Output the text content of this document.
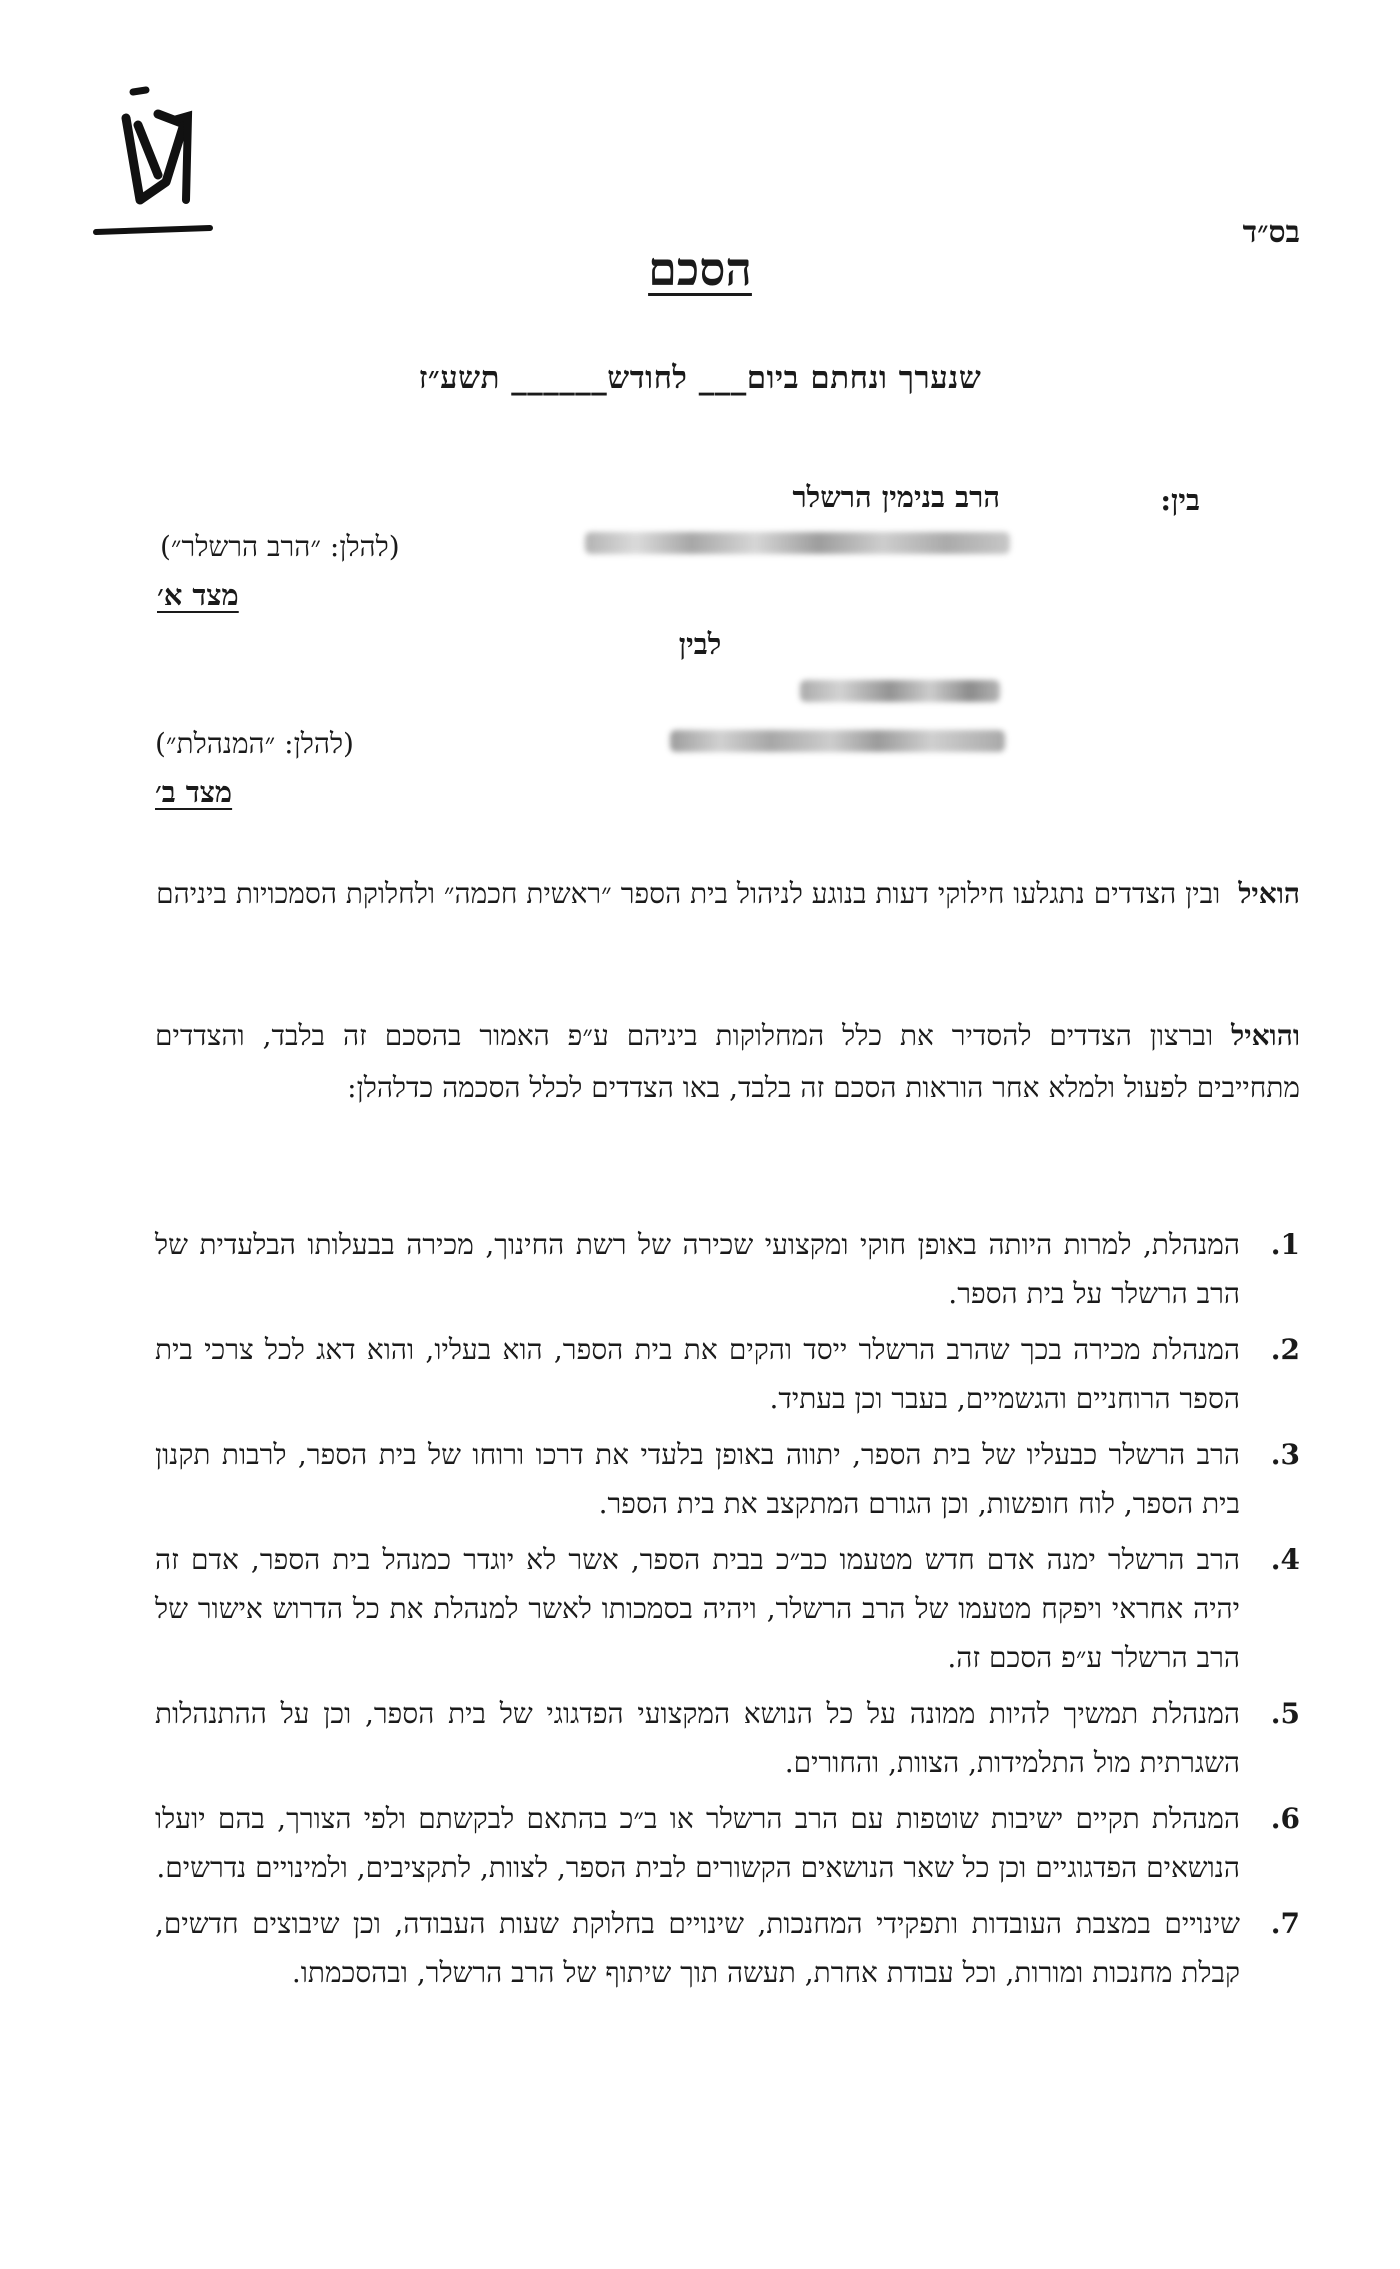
בס״ד
הסכם
שנערך ונחתם ביום___ לחודש______ תשע״ז
בין:
הרב בנימין הרשלר
(להלן: ״הרב הרשלר״)
מצד א׳
לבין
(להלן: ״המנהלת״)
מצד ב׳
הואילובין הצדדים נתגלעו חילוקי דעות בנוגע לניהול בית הספר ״ראשית חכמה״ ולחלוקת הסמכויות ביניהם
והואילוברצון הצדדים להסדיר את כלל המחלוקות ביניהם ע״פ האמור בהסכם זה בלבד, והצדדים מתחייבים לפעול ולמלא אחר הוראות הסכם זה בלבד, באו הצדדים לכלל הסכמה כדלהלן:
1.
המנהלת, למרות היותה באופן חוקי ומקצועי שכירה של רשת החינוך, מכירה בבעלותו הבלעדית של הרב הרשלר על בית הספר.
2.
המנהלת מכירה בכך שהרב הרשלר ייסד והקים את בית הספר, הוא בעליו, והוא דאג לכל צרכי בית הספר הרוחניים והגשמיים, בעבר וכן בעתיד.
3.
הרב הרשלר כבעליו של בית הספר, יתווה באופן בלעדי את דרכו ורוחו של בית הספר, לרבות תקנון בית הספר, לוח חופשות, וכן הגורם המתקצב את בית הספר.
4.
הרב הרשלר ימנה אדם חדש מטעמו כב״כ בבית הספר, אשר לא יוגדר כמנהל בית הספר, אדם זה יהיה אחראי ויפקח מטעמו של הרב הרשלר, ויהיה בסמכותו לאשר למנהלת את כל הדרוש אישור של הרב הרשלר ע״פ הסכם זה.
5.
המנהלת תמשיך להיות ממונה על כל הנושא המקצועי הפדגוגי של בית הספר, וכן על ההתנהלות השגרתית מול התלמידות, הצוות, והחורים.
6.
המנהלת תקיים ישיבות שוטפות עם הרב הרשלר או ב״כ בהתאם לבקשתם ולפי הצורך, בהם יועלו הנושאים הפדגוגיים וכן כל שאר הנושאים הקשורים לבית הספר, לצוות, לתקציבים, ולמינויים נדרשים.
7.
שינויים במצבת העובדות ותפקידי המחנכות, שינויים בחלוקת שעות העבודה, וכן שיבוצים חדשים, קבלת מחנכות ומורות, וכל עבודת אחרת, תעשה תוך שיתוף של הרב הרשלר, ובהסכמתו.
